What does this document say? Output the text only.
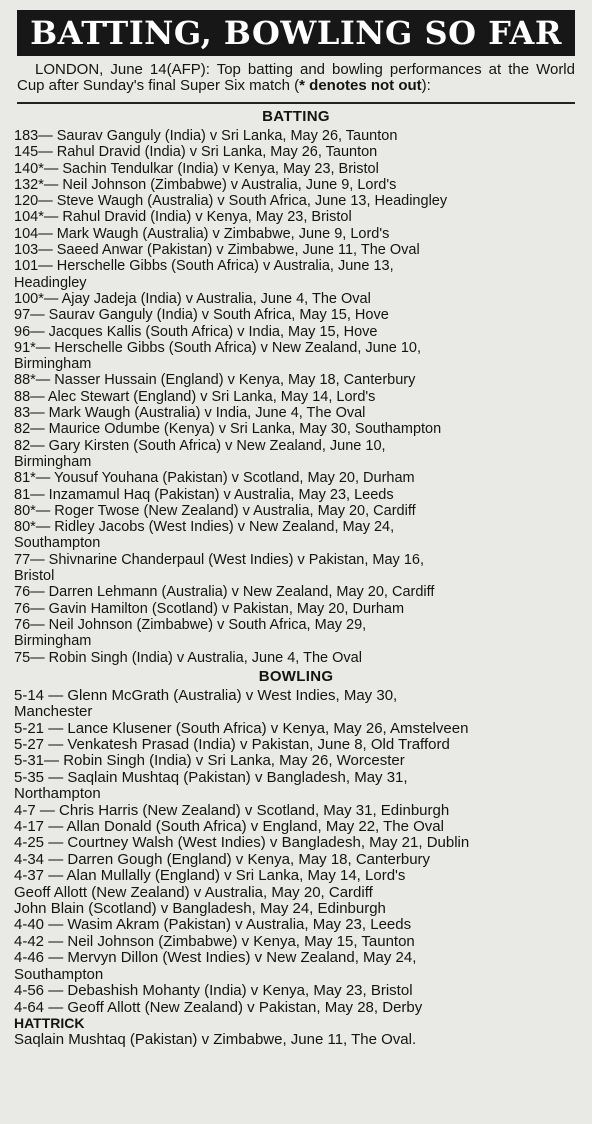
BATTING, BOWLING SO FAR

LONDON, June 14(AFP): Top batting and bowling performances at the World Cup after Sunday's final Super Six match (* denotes not out):

BATTING
183— Saurav Ganguly (India) v Sri Lanka, May 26, Taunton
145— Rahul Dravid (India) v Sri Lanka, May 26, Taunton
140*— Sachin Tendulkar (India) v Kenya, May 23, Bristol
132*— Neil Johnson (Zimbabwe) v Australia, June 9, Lord's
120— Steve Waugh (Australia) v South Africa, June 13, Headingley
104*— Rahul Dravid (India) v Kenya, May 23, Bristol
104— Mark Waugh (Australia) v Zimbabwe, June 9, Lord's
103— Saeed Anwar (Pakistan) v Zimbabwe, June 11, The Oval
101— Herschelle Gibbs (South Africa) v Australia, June 13,
Headingley
100*— Ajay Jadeja (India) v Australia, June 4, The Oval
97— Saurav Ganguly (India) v South Africa, May 15, Hove
96— Jacques Kallis (South Africa) v India, May 15, Hove
91*— Herschelle Gibbs (South Africa) v New Zealand, June 10,
Birmingham
88*— Nasser Hussain (England) v Kenya, May 18, Canterbury
88— Alec Stewart (England) v Sri Lanka, May 14, Lord's
83— Mark Waugh (Australia) v India, June 4, The Oval
82— Maurice Odumbe (Kenya) v Sri Lanka, May 30, Southampton
82— Gary Kirsten (South Africa) v New Zealand, June 10,
Birmingham
81*— Yousuf Youhana (Pakistan) v Scotland, May 20, Durham
81— Inzamamul Haq (Pakistan) v Australia, May 23, Leeds
80*— Roger Twose (New Zealand) v Australia, May 20, Cardiff
80*— Ridley Jacobs (West Indies) v New Zealand, May 24,
Southampton
77— Shivnarine Chanderpaul (West Indies) v Pakistan, May 16,
Bristol
76— Darren Lehmann (Australia) v New Zealand, May 20, Cardiff
76— Gavin Hamilton (Scotland) v Pakistan, May 20, Durham
76— Neil Johnson (Zimbabwe) v South Africa, May 29,
Birmingham
75— Robin Singh (India) v Australia, June 4, The Oval
BOWLING
5-14 — Glenn McGrath (Australia) v West Indies, May 30,
Manchester
5-21 — Lance Klusener (South Africa) v Kenya, May 26, Amstelveen
5-27 — Venkatesh Prasad (India) v Pakistan, June 8, Old Trafford
5-31— Robin Singh (India) v Sri Lanka, May 26, Worcester
5-35 — Saqlain Mushtaq (Pakistan) v Bangladesh, May 31,
Northampton
4-7 — Chris Harris (New Zealand) v Scotland, May 31, Edinburgh
4-17 — Allan Donald (South Africa) v England, May 22, The Oval
4-25 — Courtney Walsh (West Indies) v Bangladesh, May 21, Dublin
4-34 — Darren Gough (England) v Kenya, May 18, Canterbury
4-37 — Alan Mullally (England) v Sri Lanka, May 14, Lord's
Geoff Allott (New Zealand) v Australia, May 20, Cardiff
John Blain (Scotland) v Bangladesh, May 24, Edinburgh
4-40 — Wasim Akram (Pakistan) v Australia, May 23, Leeds
4-42 — Neil Johnson (Zimbabwe) v Kenya, May 15, Taunton
4-46 — Mervyn Dillon (West Indies) v New Zealand, May 24,
Southampton
4-56 — Debashish Mohanty (India) v Kenya, May 23, Bristol
4-64 — Geoff Allott (New Zealand) v Pakistan, May 28, Derby
HATTRICK
Saqlain Mushtaq (Pakistan) v Zimbabwe, June 11, The Oval.
